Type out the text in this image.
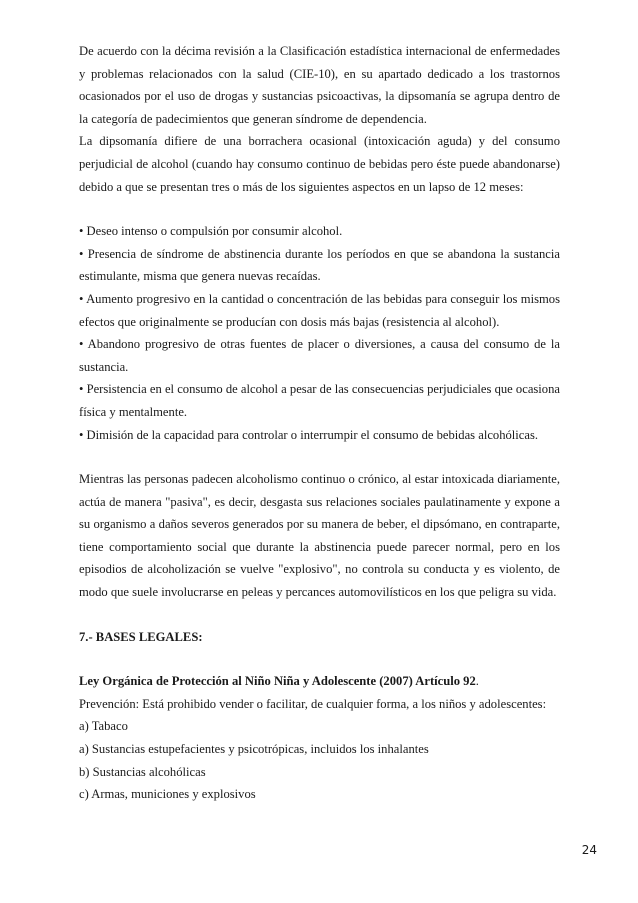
De acuerdo con la décima revisión a la Clasificación estadística internacional de enfermedades y problemas relacionados con la salud (CIE-10), en su apartado dedicado a los trastornos ocasionados por el uso de drogas y sustancias psicoactivas, la dipsomanía se agrupa dentro de la categoría de padecimientos que generan síndrome de dependencia.

La dipsomanía difiere de una borrachera ocasional (intoxicación aguda) y del consumo perjudicial de alcohol (cuando hay consumo continuo de bebidas pero éste puede abandonarse) debido a que se presentan tres o más de los siguientes aspectos en un lapso de 12 meses:

• Deseo intenso o compulsión por consumir alcohol.

• Presencia de síndrome de abstinencia durante los períodos en que se abandona la sustancia estimulante, misma que genera nuevas recaídas.

• Aumento progresivo en la cantidad o concentración de las bebidas para conseguir los mismos efectos que originalmente se producían con dosis más bajas (resistencia al alcohol).

• Abandono progresivo de otras fuentes de placer o diversiones, a causa del consumo de la sustancia.

• Persistencia en el consumo de alcohol a pesar de las consecuencias perjudiciales que ocasiona física y mentalmente.

• Dimisión de la capacidad para controlar o interrumpir el consumo de bebidas alcohólicas.

Mientras las personas padecen alcoholismo continuo o crónico, al estar intoxicada diariamente, actúa de manera "pasiva", es decir, desgasta sus relaciones sociales paulatinamente y expone a su organismo a daños severos generados por su manera de beber, el dipsómano, en contraparte, tiene comportamiento social que durante la abstinencia puede parecer normal, pero en los episodios de alcoholización se vuelve "explosivo", no controla su conducta y es violento, de modo que suele involucrarse en peleas y percances automovilísticos en los que peligra su vida.

7.- BASES LEGALES:

Ley Orgánica de Protección al Niño Niña y Adolescente (2007) Artículo 92.

Prevención: Está prohibido vender o facilitar, de cualquier forma, a los niños y adolescentes:

a) Tabaco

a) Sustancias estupefacientes y psicotrópicas, incluidos los inhalantes

b) Sustancias alcohólicas

c) Armas, municiones y explosivos

24
